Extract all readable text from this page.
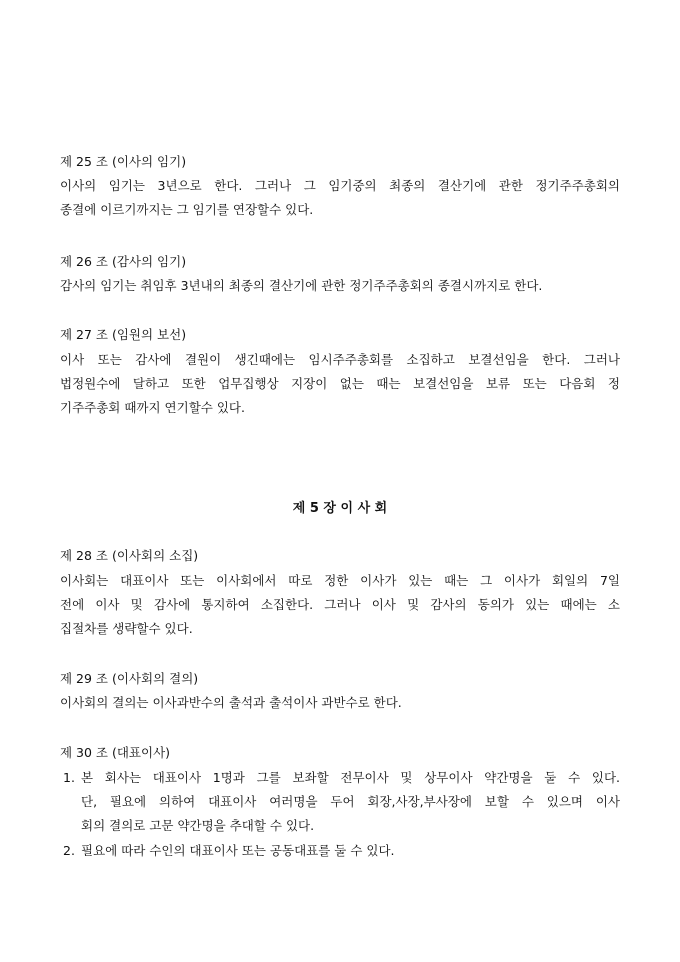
제 25 조 (이사의 임기)
이사의 임기는 3년으로 한다. 그러나 그 임기중의 최종의 결산기에 관한 정기주주총회의
종결에 이르기까지는 그 임기를 연장할수 있다.
제 26 조 (감사의 임기)
감사의 임기는 취임후 3년내의 최종의 결산기에 관한 정기주주총회의 종결시까지로 한다.
제 27 조 (임원의 보선)
이사 또는 감사에 결원이 생긴때에는 임시주주총회를 소집하고 보결선임을 한다. 그러나
법정원수에 달하고 또한 업무집행상 지장이 없는 때는 보결선임을 보류 또는 다음회 정
기주주총회 때까지 연기할수 있다.
제 5 장 이 사 회
제 28 조 (이사회의 소집)
이사회는 대표이사 또는 이사회에서 따로 정한 이사가 있는 때는 그 이사가 회일의 7일
전에 이사 및 감사에 통지하여 소집한다. 그러나 이사 및 감사의 동의가 있는 때에는 소
집절차를 생략할수 있다.
제 29 조 (이사회의 결의)
이사회의 결의는 이사과반수의 출석과 출석이사 과반수로 한다.
제 30 조 (대표이사)
1. 본 회사는 대표이사 1명과 그를 보좌할 전무이사 및 상무이사 약간명을 둘 수 있다.
단, 필요에 의하여 대표이사 여러명을 두어 회장,사장,부사장에 보할 수 있으며 이사
회의 결의로 고문 약간명을 추대할 수 있다.
2. 필요에 따라 수인의 대표이사 또는 공동대표를 둘 수 있다.
